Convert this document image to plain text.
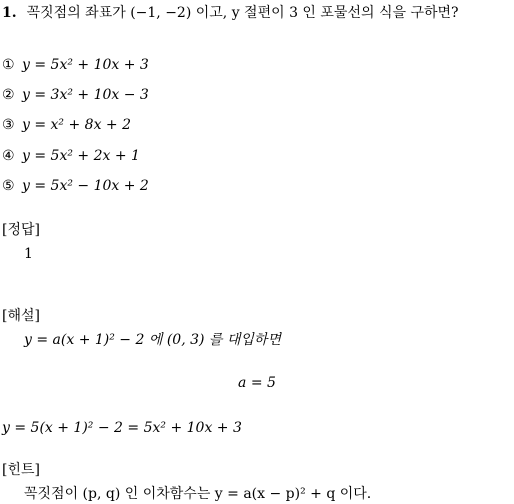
1. 꼭짓점의 좌표가 (−1, −2) 이고, y 절편이 3 인 포물선의 식을 구하면?
① y = 5x² + 10x + 3
② y = 3x² + 10x − 3
③ y = x² + 8x + 2
④ y = 5x² + 2x + 1
⑤ y = 5x² − 10x + 2
[정답]
1
[해설]
y = a(x + 1)² − 2 에 (0, 3) 를 대입하면
a = 5
y = 5(x + 1)² − 2 = 5x² + 10x + 3
[힌트]
꼭짓점이 (p, q) 인 이차함수는 y = a(x − p)² + q 이다.
